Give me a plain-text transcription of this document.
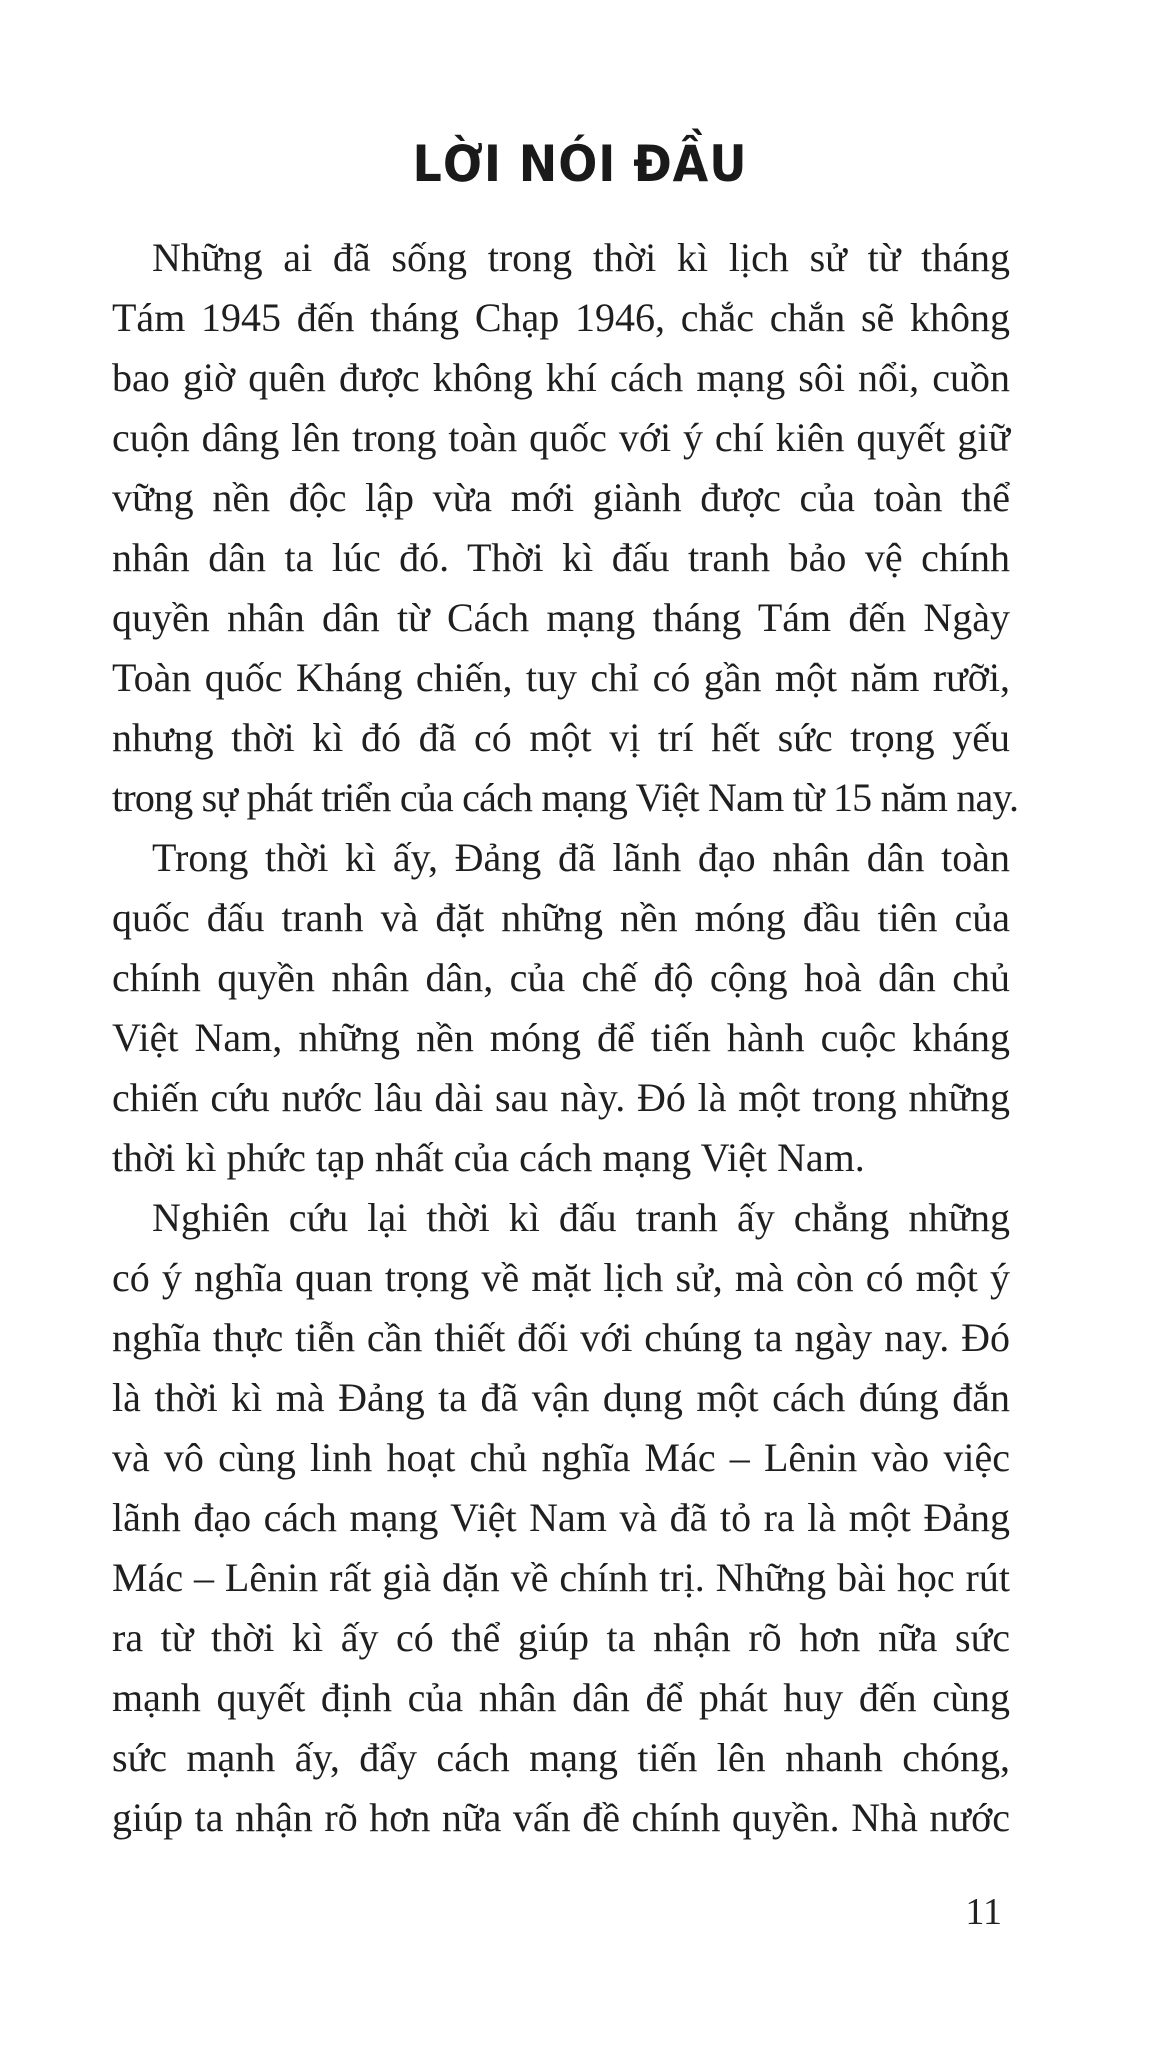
LỜI NÓI ĐẦU
Những ai đã sống trong thời kì lịch sử từ tháng
Tám 1945 đến tháng Chạp 1946, chắc chắn sẽ không
bao giờ quên được không khí cách mạng sôi nổi, cuồn
cuộn dâng lên trong toàn quốc với ý chí kiên quyết giữ
vững nền độc lập vừa mới giành được của toàn thể
nhân dân ta lúc đó. Thời kì đấu tranh bảo vệ chính
quyền nhân dân từ Cách mạng tháng Tám đến Ngày
Toàn quốc Kháng chiến, tuy chỉ có gần một năm rưỡi,
nhưng thời kì đó đã có một vị trí hết sức trọng yếu
trong sự phát triển của cách mạng Việt Nam từ 15 năm nay.
Trong thời kì ấy, Đảng đã lãnh đạo nhân dân toàn
quốc đấu tranh và đặt những nền móng đầu tiên của
chính quyền nhân dân, của chế độ cộng hoà dân chủ
Việt Nam, những nền móng để tiến hành cuộc kháng
chiến cứu nước lâu dài sau này. Đó là một trong những
thời kì phức tạp nhất của cách mạng Việt Nam.
Nghiên cứu lại thời kì đấu tranh ấy chẳng những
có ý nghĩa quan trọng về mặt lịch sử, mà còn có một ý
nghĩa thực tiễn cần thiết đối với chúng ta ngày nay. Đó
là thời kì mà Đảng ta đã vận dụng một cách đúng đắn
và vô cùng linh hoạt chủ nghĩa Mác – Lênin vào việc
lãnh đạo cách mạng Việt Nam và đã tỏ ra là một Đảng
Mác – Lênin rất già dặn về chính trị. Những bài học rút
ra từ thời kì ấy có thể giúp ta nhận rõ hơn nữa sức
mạnh quyết định của nhân dân để phát huy đến cùng
sức mạnh ấy, đẩy cách mạng tiến lên nhanh chóng,
giúp ta nhận rõ hơn nữa vấn đề chính quyền. Nhà nước
11
